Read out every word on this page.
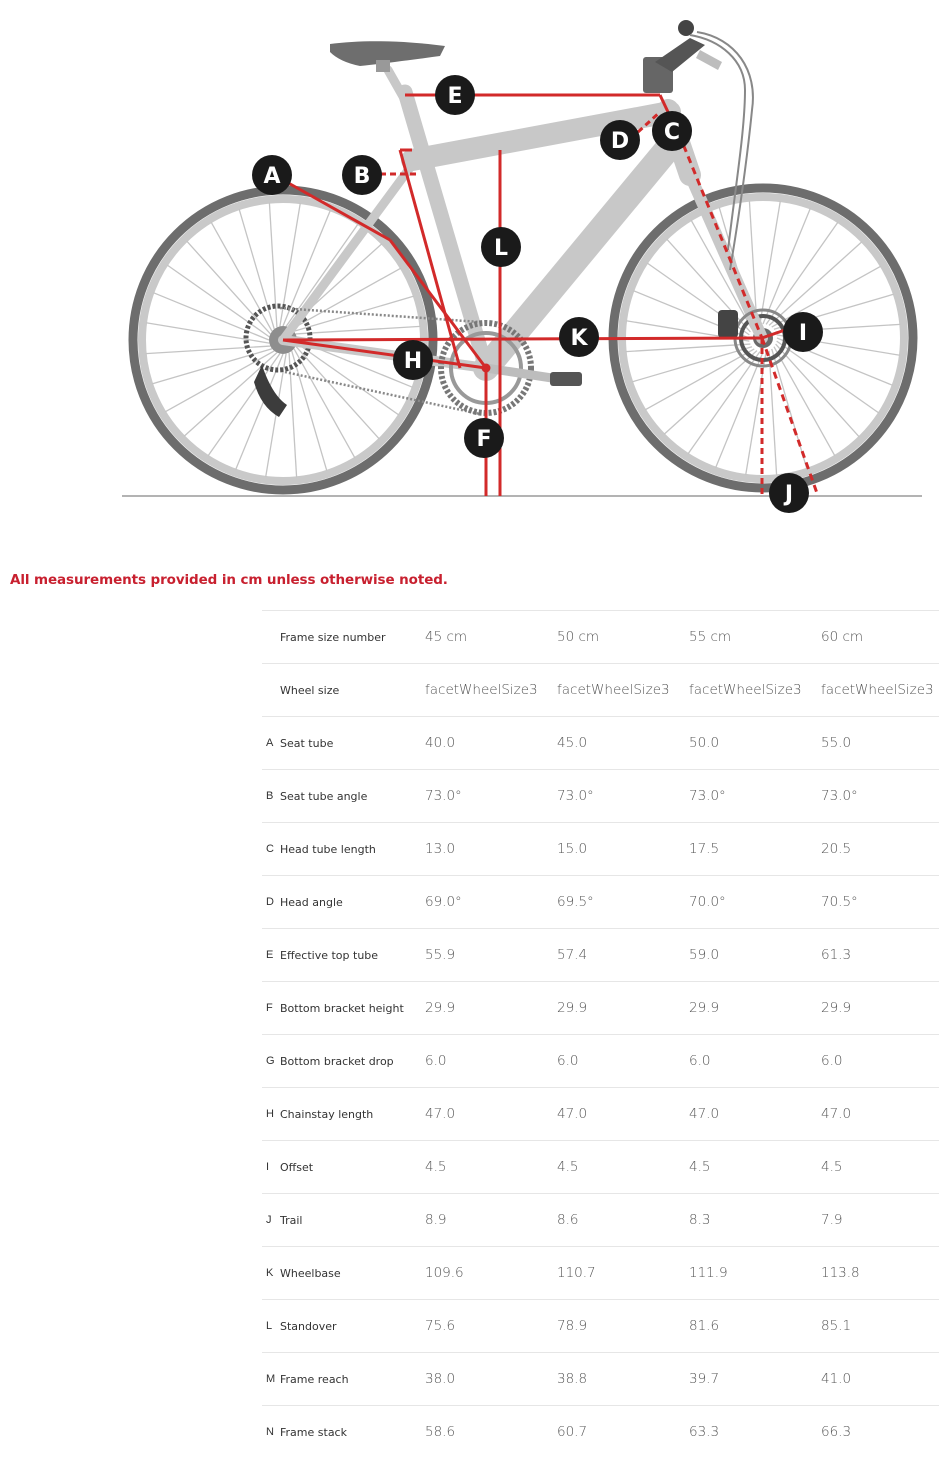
A	B
C
D
E
F
H
I
J
K
L
All measurements provided in cm unless otherwise noted.
	Frame size number	45 cm	50 cm	55 cm	60 cm
	Wheel size	facetWheelSize3	facetWheelSize3	facetWheelSize3	facetWheelSize3
A	Seat tube	40.0	45.0	50.0	55.0
B	Seat tube angle	73.0°	73.0°	73.0°	73.0°
C	Head tube length	13.0	15.0	17.5	20.5
D	Head angle	69.0°	69.5°	70.0°	70.5°
E	Effective top tube	55.9	57.4	59.0	61.3
F	Bottom bracket height	29.9	29.9	29.9	29.9
G	Bottom bracket drop	6.0	6.0	6.0	6.0
H	Chainstay length	47.0	47.0	47.0	47.0
I	Offset	4.5	4.5	4.5	4.5
J	Trail	8.9	8.6	8.3	7.9
K	Wheelbase	109.6	110.7	111.9	113.8
L	Standover	75.6	78.9	81.6	85.1
M	Frame reach	38.0	38.8	39.7	41.0
N	Frame stack	58.6	60.7	63.3	66.3
